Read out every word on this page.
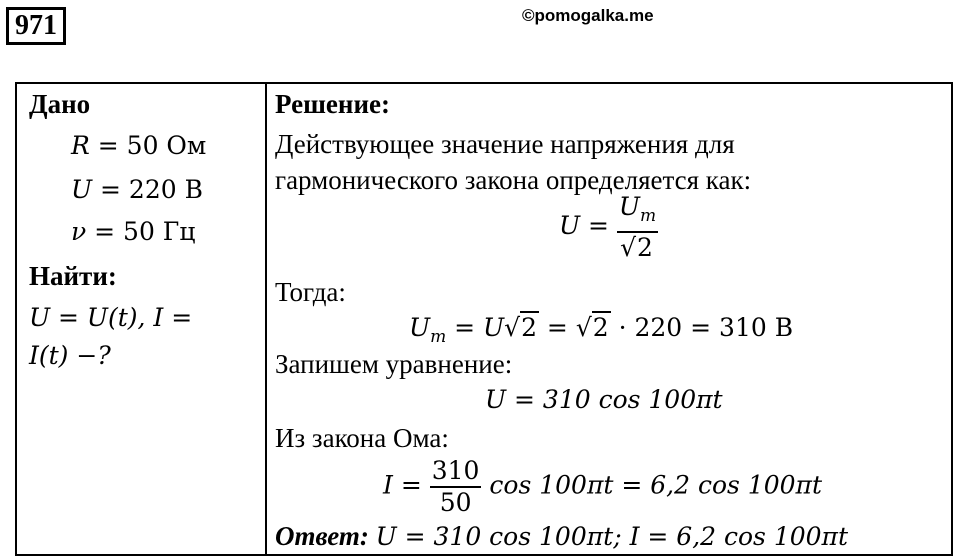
971	©pomogalka.me
Дано
R = 50 Ом
U = 220 В
ν = 50 Гц
Найти:
U = U(t), I =
I(t) −?
Решение:
Действующее значение напряжения для
гармонического закона определяется как:
$U = \frac{U_m}{√2}$
Тогда:
$U_m = U√2 = √2 \cdot 220 = 310$ В
Запишем уравнение:
U = 310 cos 100πt
Из закона Ома:
$I = \frac{310}{50}$ cos 100πt = 6,2 cos 100πt
Ответ: U = 310 cos 100πt; I = 6,2 cos 100πt
